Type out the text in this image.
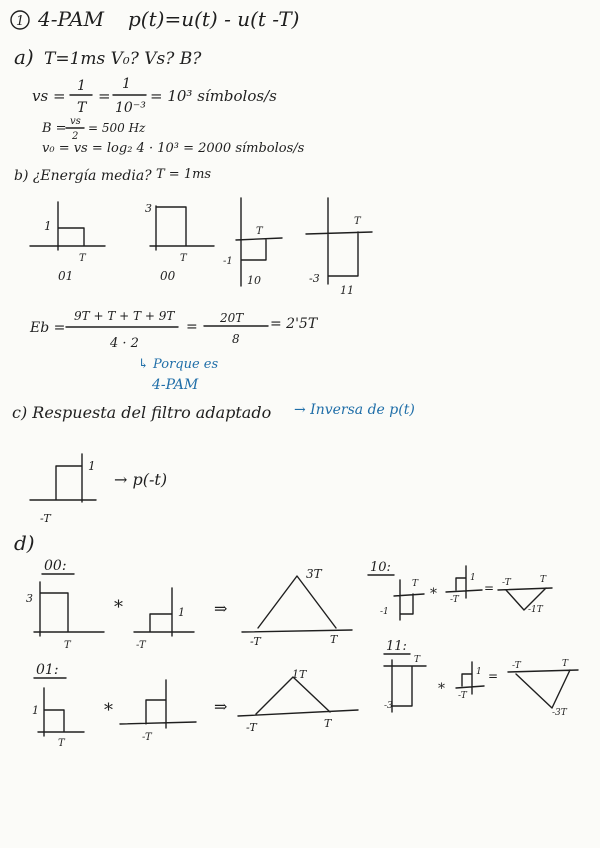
1 4-PAM p(t)=u(t) - u(t -T)
a) T=1ms V₀? Vs? B?
vs =
1
T
=
1
10⁻³
= 10³ símbolos/s
B = vs
2
= 500 Hz
v₀ = vs = log₂ 4 · 10³ = 2000 símbolos/s
b) ¿Energía media? T = 1ms
1
T
01
3
T
00
-1
T
10	-3
T
11
Eb =
9T + T + T + 9T
4 · 2
=
20T
8
= 2'5T
↳ Porque es
4-PAM
c) Respuesta del filtro adaptado → Inversa de p(t)
1
-T
→ p(-t)
d)
00:
3
T
*	1
-T
⇒
3T
-T	T
01:
1
T
*
-T
⇒
1T
-T	T
10:
-1
T
*
1
-T
= -T	T
-1T
11:
-3
T
*
1
-T
=
-T	T
-3T
